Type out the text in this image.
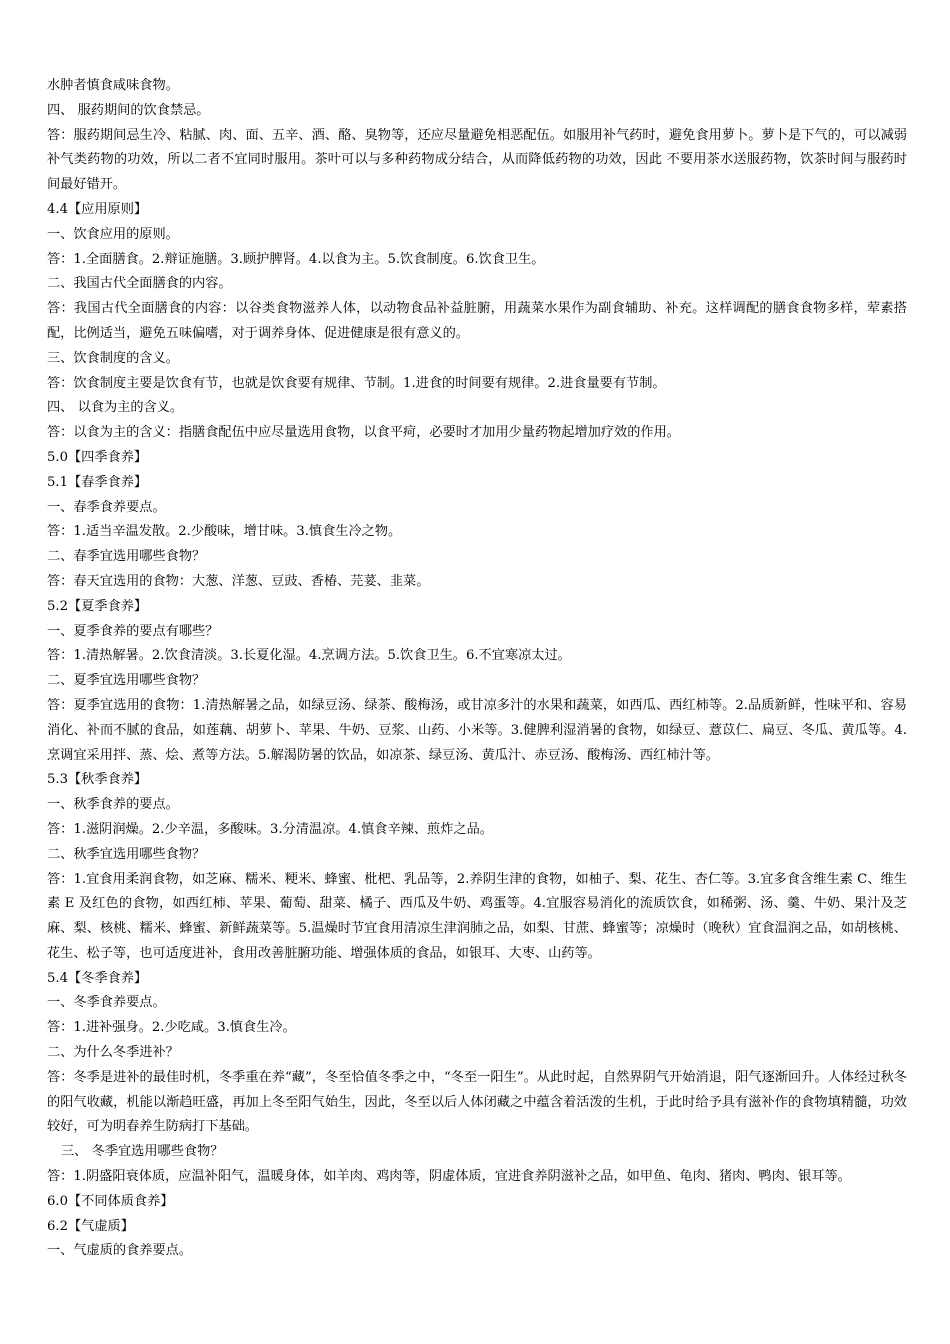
水肿者慎食咸味食物。

四、 服药期间的饮食禁忌。

答：服药期间忌生冷、粘腻、肉、面、五辛、酒、酪、臭物等，还应尽量避免相恶配伍。如服用补气药时，避免食用萝卜。萝卜是下气的，可以减弱补气类药物的功效，所以二者不宜同时服用。茶叶可以与多种药物成分结合，从而降低药物的功效，因此 不要用茶水送服药物，饮茶时间与服药时间最好错开。

4.4【应用原则】

一、饮食应用的原则。

答：1.全面膳食。2.辩证施膳。3.顾护脾肾。4.以食为主。5.饮食制度。6.饮食卫生。

二、我国古代全面膳食的内容。

答：我国古代全面膳食的内容：以谷类食物滋养人体，以动物食品补益脏腑，用蔬菜水果作为副食辅助、补充。这样调配的膳食食物多样，荤素搭配，比例适当，避免五味偏嗜，对于调养身体、促进健康是很有意义的。

三、饮食制度的含义。

答：饮食制度主要是饮食有节，也就是饮食要有规律、节制。1.进食的时间要有规律。2.进食量要有节制。

四、 以食为主的含义。

答：以食为主的含义：指膳食配伍中应尽量选用食物，以食平疴，必要时才加用少量药物起增加疗效的作用。

5.0【四季食养】

5.1【春季食养】

一、春季食养要点。

答：1.适当辛温发散。2.少酸味，增甘味。3.慎食生冷之物。

二、春季宜选用哪些食物？

答：春天宜选用的食物：大葱、洋葱、豆豉、香椿、芫荽、韭菜。

5.2【夏季食养】

一、夏季食养的要点有哪些？

答：1.清热解暑。2.饮食清淡。3.长夏化湿。4.烹调方法。5.饮食卫生。6.不宜寒凉太过。

二、夏季宜选用哪些食物？

答：夏季宜选用的食物：1.清热解暑之品，如绿豆汤、绿茶、酸梅汤，或甘凉多汁的水果和蔬菜，如西瓜、西红柿等。2.品质新鲜，性味平和、容易消化、补而不腻的食品，如莲藕、胡萝卜、苹果、牛奶、豆浆、山药、小米等。3.健脾利湿消暑的食物，如绿豆、薏苡仁、扁豆、冬瓜、黄瓜等。4.烹调宜采用拌、蒸、烩、煮等方法。5.解渴防暑的饮品，如凉茶、绿豆汤、黄瓜汁、赤豆汤、酸梅汤、西红柿汁等。

5.3【秋季食养】

一、秋季食养的要点。

答：1.滋阴润燥。2.少辛温，多酸味。3.分清温凉。4.慎食辛辣、煎炸之品。

二、秋季宜选用哪些食物？

答：1.宜食用柔润食物，如芝麻、糯米、粳米、蜂蜜、枇杷、乳品等，2.养阴生津的食物，如柚子、梨、花生、杏仁等。3.宜多食含维生素 C、维生素 E 及红色的食物，如西红柿、苹果、葡萄、甜菜、橘子、西瓜及牛奶、鸡蛋等。4.宜服容易消化的流质饮食，如稀粥、汤、羹、牛奶、果汁及芝麻、梨、核桃、糯米、蜂蜜、新鲜蔬菜等。5.温燥时节宜食用清凉生津润肺之品，如梨、甘蔗、蜂蜜等；凉燥时（晚秋）宜食温润之品，如胡核桃、花生、松子等，也可适度进补，食用改善脏腑功能、增强体质的食品，如银耳、大枣、山药等。

5.4【冬季食养】

一、冬季食养要点。

答：1.进补强身。2.少吃咸。3.慎食生冷。

二、为什么冬季进补？

答：冬季是进补的最佳时机，冬季重在养“藏”，冬至恰值冬季之中，“冬至一阳生”。从此时起，自然界阴气开始消退，阳气逐渐回升。人体经过秋冬的阳气收藏，机能以渐趋旺盛，再加上冬至阳气始生，因此，冬至以后人体闭藏之中蕴含着活泼的生机，于此时给予具有滋补作的食物填精髓，功效较好，可为明春养生防病打下基础。

三、 冬季宜选用哪些食物？

答：1.阴盛阳衰体质，应温补阳气，温暖身体，如羊肉、鸡肉等，阴虚体质，宜进食养阴滋补之品，如甲鱼、龟肉、猪肉、鸭肉、银耳等。

6.0【不同体质食养】

6.2【气虚质】

一、气虚质的食养要点。
